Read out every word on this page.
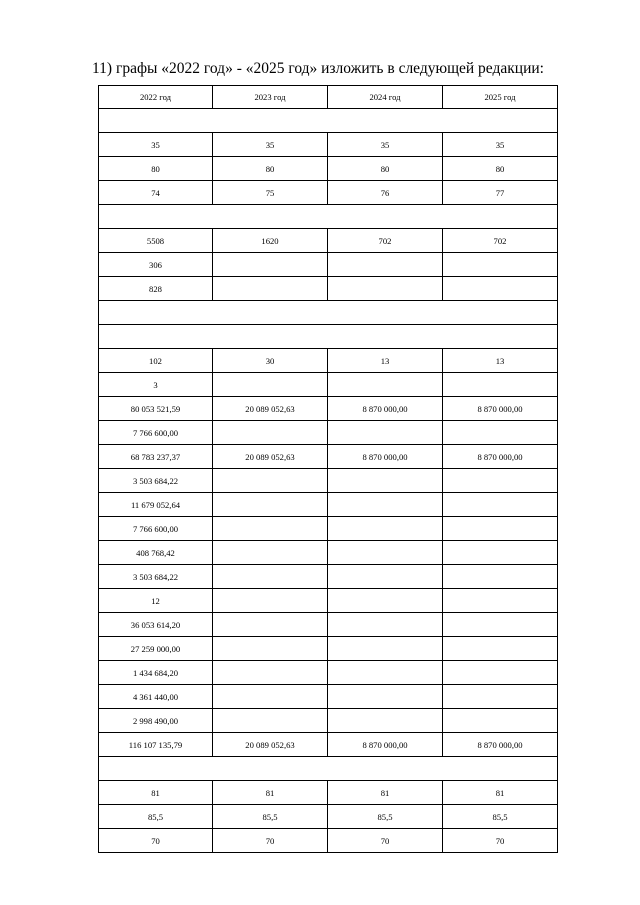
11) графы «2022 год» - «2025 год» изложить в следующей редакции:
2022 год	2023 год	2024 год	2025 год

35	35	35	35
80	80	80	80
74	75	76	77

5508	1620	702	702
306			
828			

102	30	13	13
3			
80 053 521,59	20 089 052,63	8 870 000,00	8 870 000,00
7 766 600,00			
68 783 237,37	20 089 052,63	8 870 000,00	8 870 000,00
3 503 684,22			
11 679 052,64			
7 766 600,00			
408 768,42			
3 503 684,22			
12			
36 053 614,20			
27 259 000,00			
1 434 684,20			
4 361 440,00			
2 998 490,00			
116 107 135,79	20 089 052,63	8 870 000,00	8 870 000,00

81	81	81	81
85,5	85,5	85,5	85,5
70	70	70	70
